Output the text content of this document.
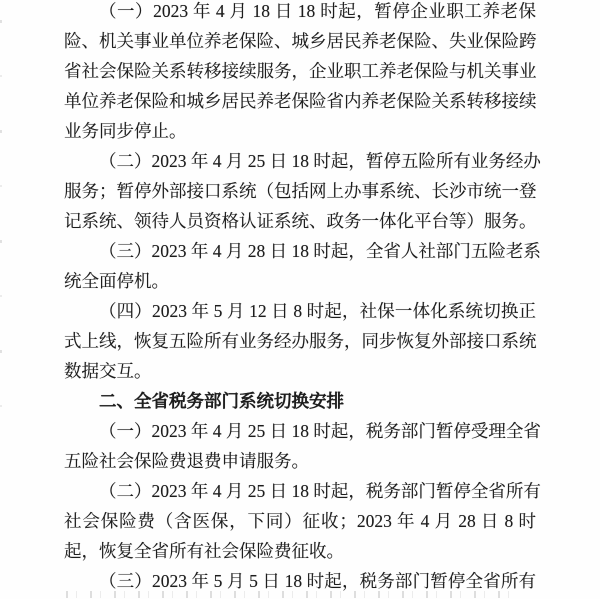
（一）2023 年 4 月 18 日 18 时起，暂停企业职工养老保

险、机关事业单位养老保险、城乡居民养老保险、失业保险跨

省社会保险关系转移接续服务，企业职工养老保险与机关事业

单位养老保险和城乡居民养老保险省内养老保险关系转移接续

业务同步停止。

（二）2023 年 4 月 25 日 18 时起，暂停五险所有业务经办

服务；暂停外部接口系统（包括网上办事系统、长沙市统一登

记系统、领待人员资格认证系统、政务一体化平台等）服务。

（三）2023 年 4 月 28 日 18 时起，全省人社部门五险老系

统全面停机。

（四）2023 年 5 月 12 日 8 时起，社保一体化系统切换正

式上线，恢复五险所有业务经办服务，同步恢复外部接口系统

数据交互。

二、全省税务部门系统切换安排

（一）2023 年 4 月 25 日 18 时起，税务部门暂停受理全省

五险社会保险费退费申请服务。

（二）2023 年 4 月 25 日 18 时起，税务部门暂停全省所有

社会保险费（含医保，下同）征收；2023 年 4 月 28 日 8 时

起，恢复全省所有社会保险费征收。

（三）2023 年 5 月 5 日 18 时起，税务部门暂停全省所有
